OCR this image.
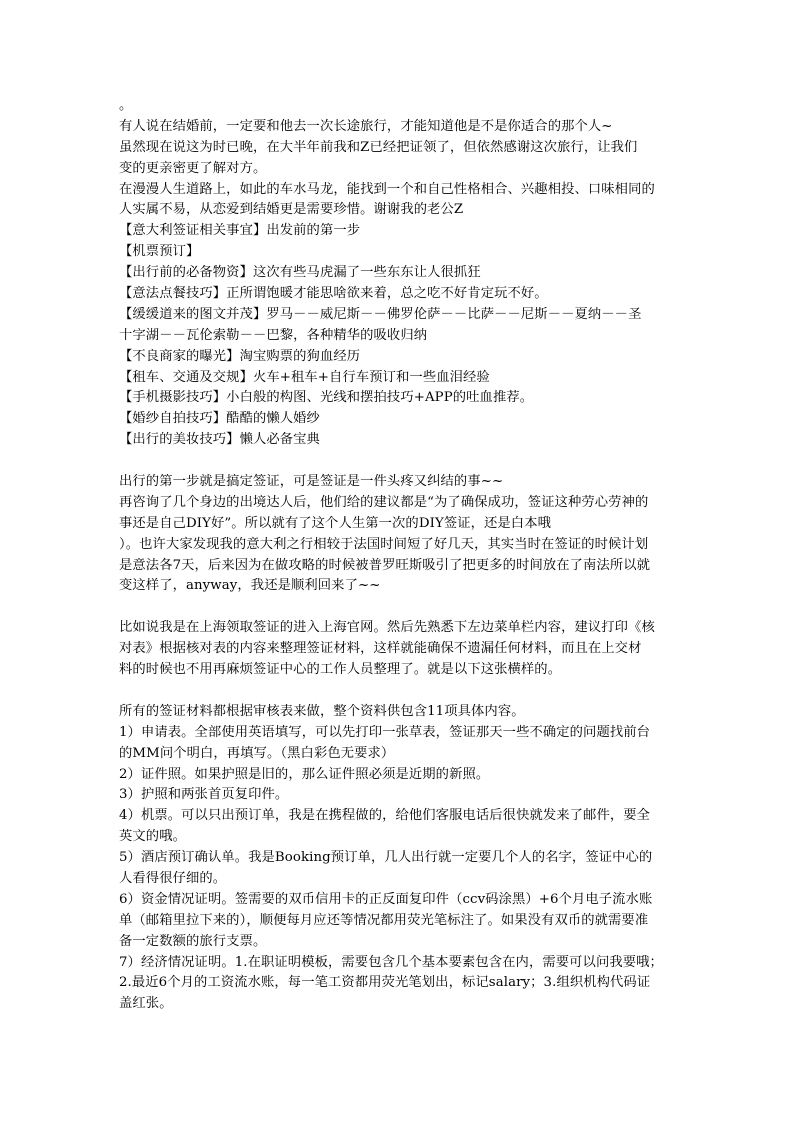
。
有人说在结婚前，一定要和他去一次长途旅行，才能知道他是不是你适合的那个人~
虽然现在说这为时已晚，在大半年前我和Z已经把证领了，但依然感谢这次旅行，让我们
变的更亲密更了解对方。
在漫漫人生道路上，如此的车水马龙，能找到一个和自己性格相合、兴趣相投、口味相同的
人实属不易，从恋爱到结婚更是需要珍惜。谢谢我的老公Z
【意大利签证相关事宜】出发前的第一步
【机票预订】
【出行前的必备物资】这次有些马虎漏了一些东东让人很抓狂
【意法点餐技巧】正所谓饱暖才能思啥欲来着，总之吃不好肯定玩不好。
【缓缓道来的图文并茂】罗马－－威尼斯－－佛罗伦萨－－比萨－－尼斯－－夏纳－－圣
十字湖－－瓦伦索勒－－巴黎，各种精华的吸收归纳
【不良商家的曝光】淘宝购票的狗血经历
【租车、交通及交规】火车+租车+自行车预订和一些血泪经验
【手机摄影技巧】小白般的构图、光线和摆拍技巧+APP的吐血推荐。
【婚纱自拍技巧】酷酷的懒人婚纱
【出行的美妆技巧】懒人必备宝典
出行的第一步就是搞定签证，可是签证是一件头疼又纠结的事~~
再咨询了几个身边的出境达人后，他们给的建议都是“为了确保成功，签证这种劳心劳神的
事还是自己DIY好”。所以就有了这个人生第一次的DIY签证，还是白本哦
）。也许大家发现我的意大利之行相较于法国时间短了好几天，其实当时在签证的时候计划
是意法各7天，后来因为在做攻略的时候被普罗旺斯吸引了把更多的时间放在了南法所以就
变这样了，anyway，我还是顺利回来了~~
比如说我是在上海领取签证的进入上海官网。然后先熟悉下左边菜单栏内容，建议打印《核
对表》根据核对表的内容来整理签证材料，这样就能确保不遗漏任何材料，而且在上交材
料的时候也不用再麻烦签证中心的工作人员整理了。就是以下这张横样的。
所有的签证材料都根据审核表来做，整个资料供包含11项具体内容。
1）申请表。全部使用英语填写，可以先打印一张草表，签证那天一些不确定的问题找前台
的MM问个明白，再填写。（黑白彩色无要求）
2）证件照。如果护照是旧的，那么证件照必须是近期的新照。
3）护照和两张首页复印件。
4）机票。可以只出预订单，我是在携程做的，给他们客服电话后很快就发来了邮件，要全
英文的哦。
5）酒店预订确认单。我是Booking预订单，几人出行就一定要几个人的名字，签证中心的
人看得很仔细的。
6）资金情况证明。签需要的双币信用卡的正反面复印件（ccv码涂黑）+6个月电子流水账
单（邮箱里拉下来的），顺便每月应还等情况都用荧光笔标注了。如果没有双币的就需要准
备一定数额的旅行支票。
7）经济情况证明。1.在职证明模板，需要包含几个基本要素包含在内，需要可以问我要哦；
2.最近6个月的工资流水账，每一笔工资都用荧光笔划出，标记salary；3.组织机构代码证
盖红张。
